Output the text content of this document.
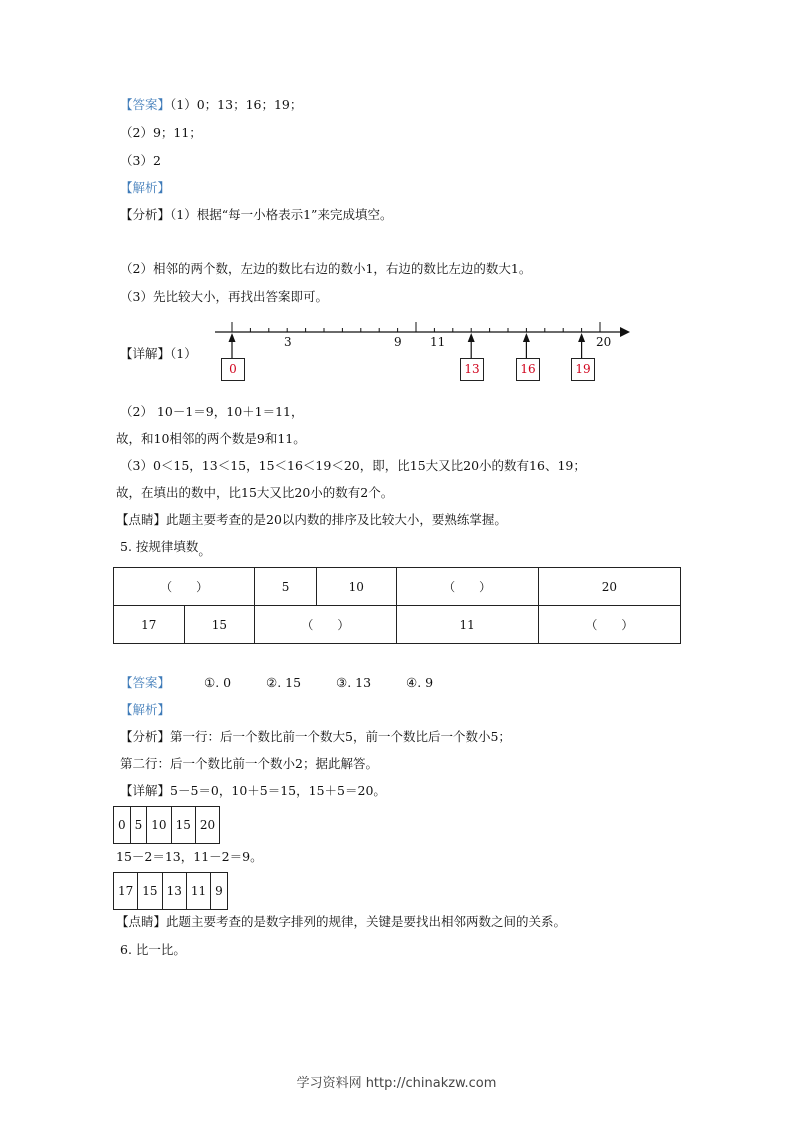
【答案】（1）0；13；16；19；
（2）9；11；
（3）2
【解析】
【分析】（1）根据“每一小格表示1”来完成填空。
（2）相邻的两个数，左边的数比右边的数小1，右边的数比左边的数大1。
（3）先比较大小，再找出答案即可。
【详解】（1）
3	9 11	20
0	13	16	19
（2） 10－1＝9，10＋1＝11，
故，和10相邻的两个数是9和11。
（3）0＜15，13＜15，15＜16＜19＜20，即，比15大又比20小的数有16、19；
故，在填出的数中，比15大又比20小的数有2个。
【点睛】此题主要考查的是20以内数的排序及比较大小，要熟练掌握。
5. 按规律填数。
（　　）		5	10	（　　）	20
17	15	（　　）		11	（　　）
【答案】	①. 0	②. 15	③. 13	④. 9
【解析】
【分析】第一行：后一个数比前一个数大5，前一个数比后一个数小5；
第二行：后一个数比前一个数小2；据此解答。
【详解】5－5＝0，10＋5＝15，15＋5＝20。
0	5	10	15	20
15－2＝13，11－2＝9。
17	15	13	11	9
【点睛】此题主要考查的是数字排列的规律，关键是要找出相邻两数之间的关系。
6. 比一比。
学习资料网 http://chinakzw.com
